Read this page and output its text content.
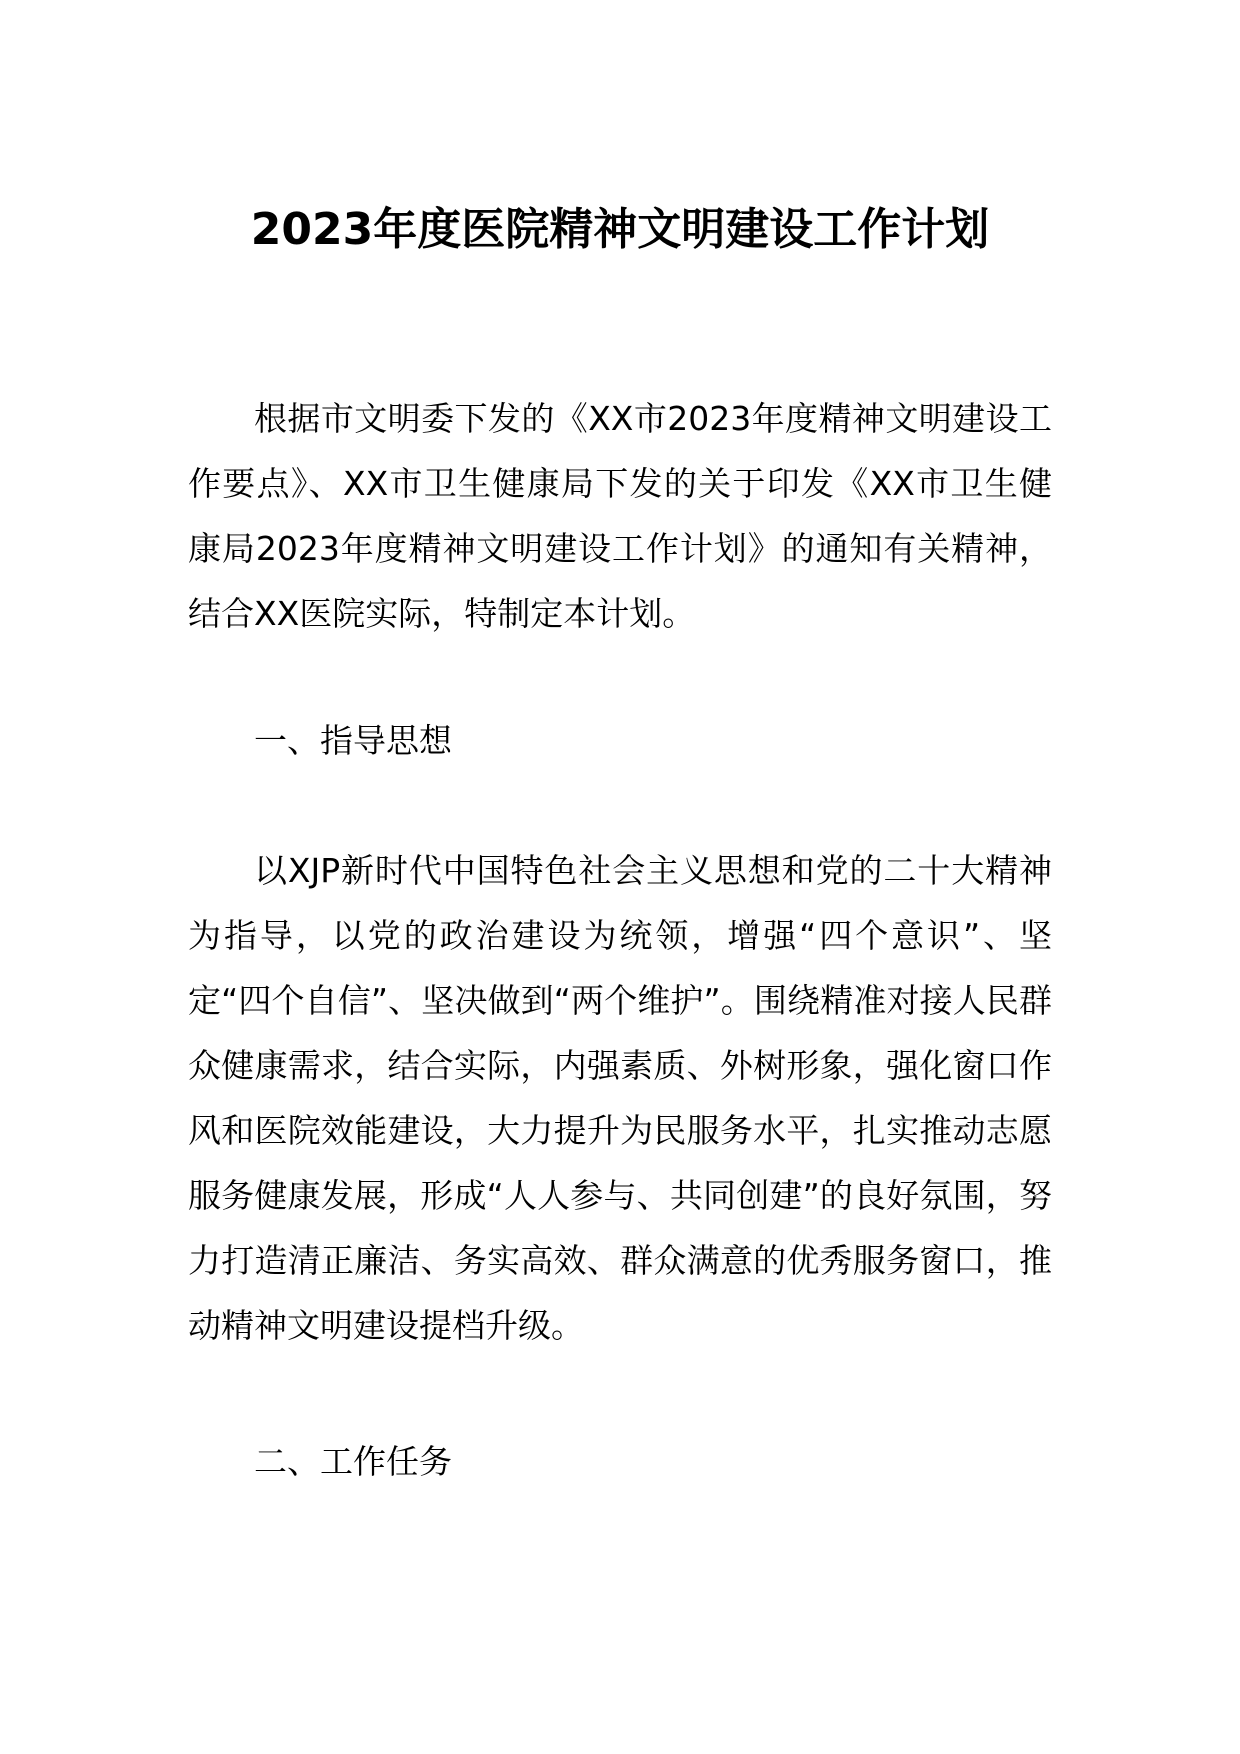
2023年度医院精神文明建设工作计划

根据市文明委下发的《XX市2023年度精神文明建设工作要点》、XX市卫生健康局下发的关于印发《XX市卫生健康局2023年度精神文明建设工作计划》的通知有关精神，结合XX医院实际，特制定本计划。

一、指导思想

以XJP新时代中国特色社会主义思想和党的二十大精神为指导，以党的政治建设为统领，增强“四个意识”、坚定“四个自信”、坚决做到“两个维护”。围绕精准对接人民群众健康需求，结合实际，内强素质、外树形象，强化窗口作风和医院效能建设，大力提升为民服务水平，扎实推动志愿服务健康发展，形成“人人参与、共同创建”的良好氛围，努力打造清正廉洁、务实高效、群众满意的优秀服务窗口，推动精神文明建设提档升级。

二、工作任务
